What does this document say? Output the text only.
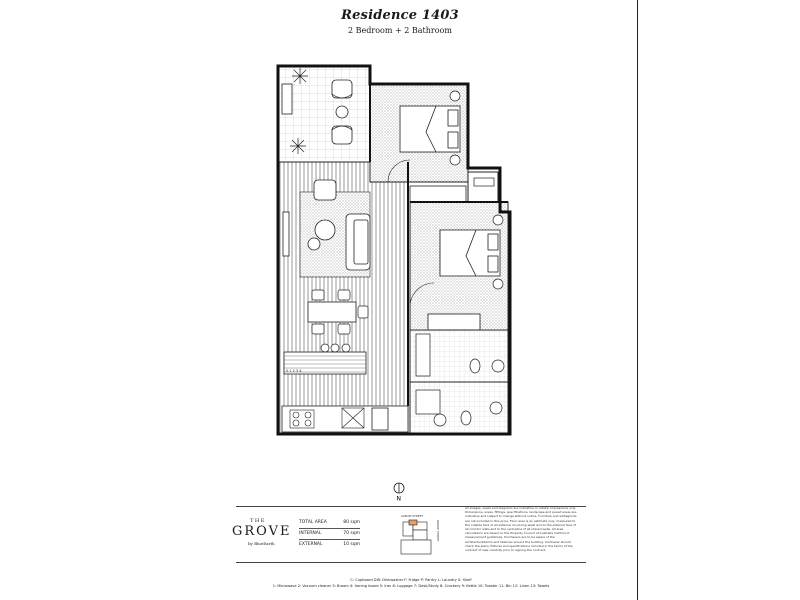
Residence 1403
2 Bedroom + 2 Bathroom
S 1 2 3 4
N
THE
GROVE
by BlueEarth
TOTAL AREA	80 sqm
INTERNAL	70 sqm
EXTERNAL	10 sqm
ALBION STREET
GROVE STREET
All images, views and diagrams are indicative or artistic impressions only. Dimensions, areas, fittings, specifications, landscape and paved areas are indicative and subject to change without notice. Furniture and whitegoods are not included in this price. Floor area is an estimate only, measured to the outside face of all external non-living walls and to the external face of all corridor walls and to the centreline of all shared walls. All area calculations are based on the Property Council of Australia method of measurement guidelines. Purchasers are to be aware of the architecturalterms and features around the building. Purchaser should check the plans, fixtures and specifications included in the terms of the contract of sale carefully prior to signing the contract.
C: Cupboard DW: Dishwasher F: Fridge P: Pantry L: Laundry S: Shelf
1: Microwave 2: Vacuum cleaner 3: Broom 4: Ironing board 5: Iron 6: Luggage 7: Desk/Study 8: Crockery 9: Kettle 10: Toaster 11: Bin 12: Linen 13: Towels
